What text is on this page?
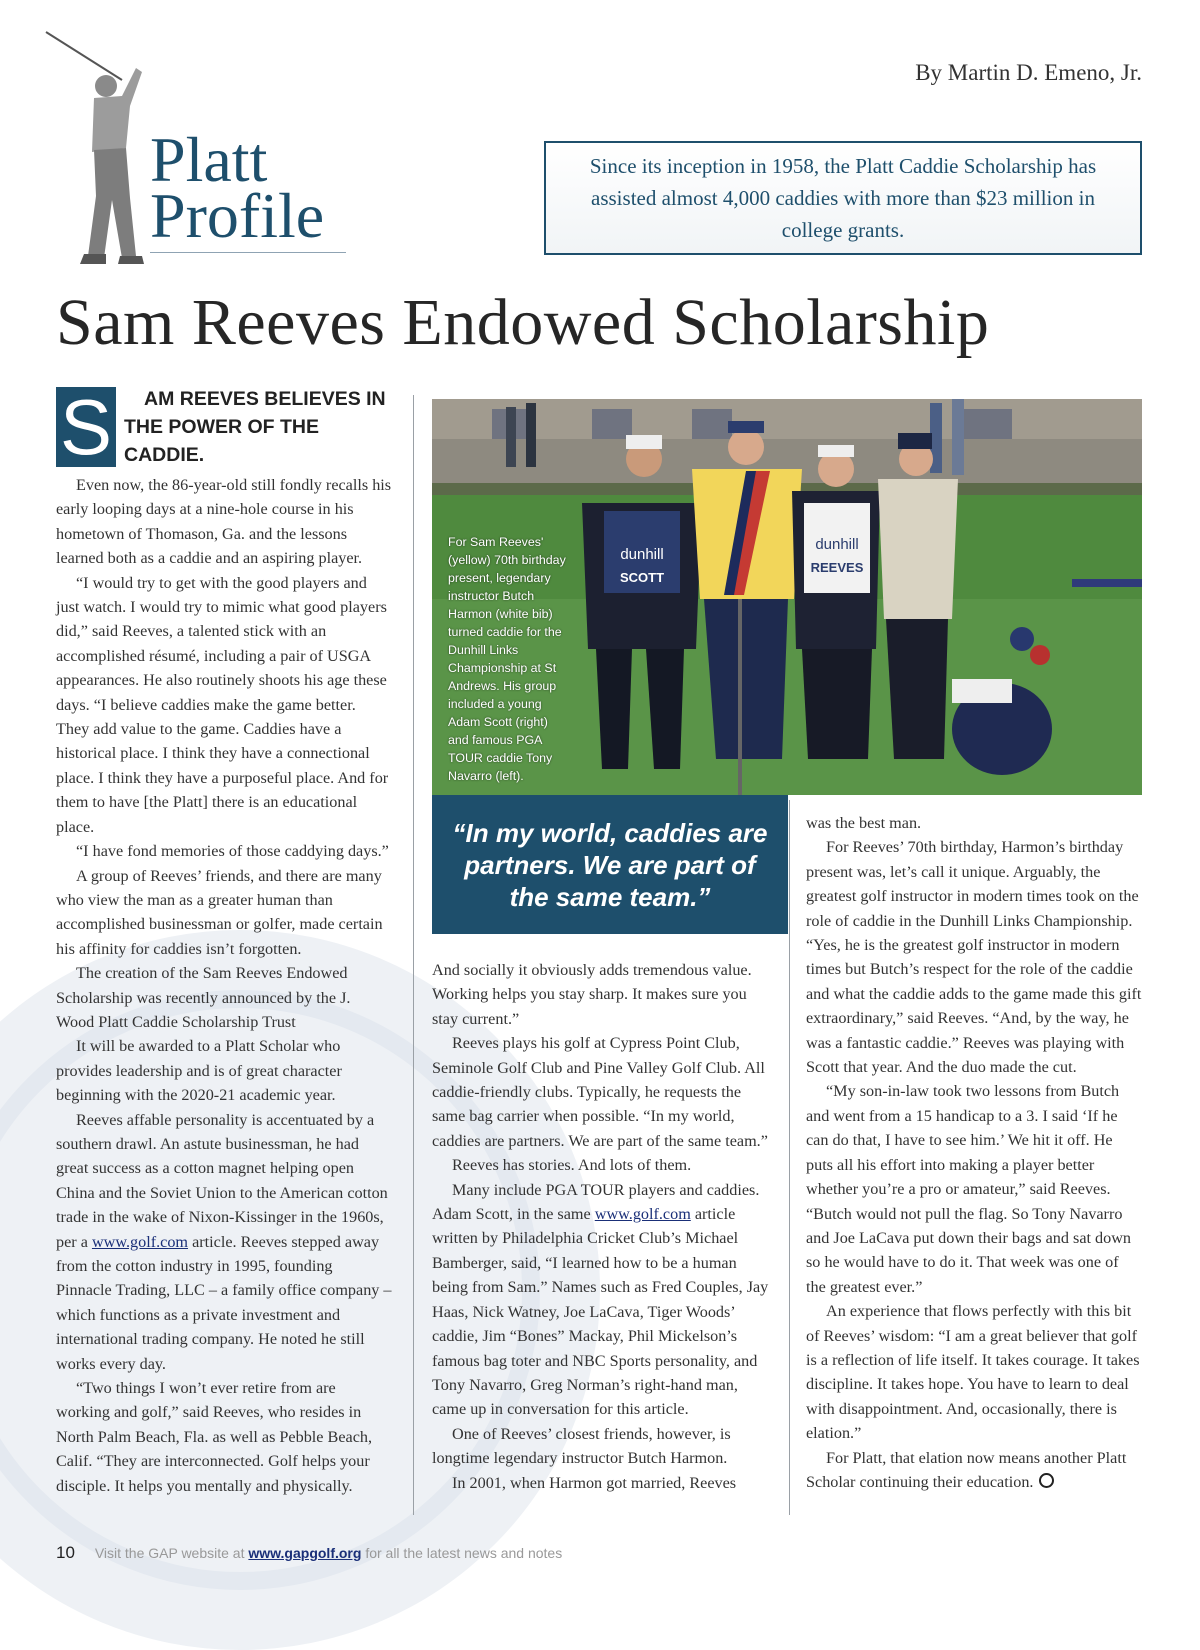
Platt
Profile
By Martin D. Emeno, Jr.
Since its inception in 1958, the Platt Caddie Scholarship has assisted almost 4,000 caddies with more than $23 million in college grants.
Sam Reeves Endowed Scholarship
S	AM REEVES BELIEVES IN THE POWER OF THE CADDIE.

Even now, the 86-year-old still fondly recalls his early looping days at a nine-hole course in his hometown of Thomason, Ga. and the lessons learned both as a caddie and an aspiring player.

“I would try to get with the good players and just watch. I would try to mimic what good players did,” said Reeves, a talented stick with an accomplished résumé, including a pair of USGA appearances. He also routinely shoots his age these days. “I believe caddies make the game better. They add value to the game. Caddies have a historical place. I think they have a connectional place. I think they have a purposeful place. And for them to have [the Platt] there is an educational place.

“I have fond memories of those caddying days.”

A group of Reeves’ friends, and there are many who view the man as a greater human than accomplished businessman or golfer, made certain his affinity for caddies isn’t forgotten.

The creation of the Sam Reeves Endowed Scholarship was recently announced by the J. Wood Platt Caddie Scholarship Trust

It will be awarded to a Platt Scholar who provides leadership and is of great character beginning with the 2020-21 academic year.

Reeves affable personality is accentuated by a southern drawl. An astute businessman, he had great success as a cotton magnet helping open China and the Soviet Union to the American cotton trade in the wake of Nixon-Kissinger in the 1960s, per a www.golf.com article. Reeves stepped away from the cotton industry in 1995, founding Pinnacle Trading, LLC – a family office company – which functions as a private investment and international trading company. He noted he still works every day.

“Two things I won’t ever retire from are working and golf,” said Reeves, who resides in North Palm Beach, Fla. as well as Pebble Beach, Calif. “They are interconnected. Golf helps your disciple. It helps you mentally and physically.

dunhill
SCOTT
dunhill
REEVES

For Sam Reeves' (yellow) 70th birthday present, legendary instructor Butch Harmon (white bib) turned caddie for the Dunhill Links Championship at St Andrews. His group included a young Adam Scott (right) and famous PGA TOUR caddie Tony Navarro (left).

“In my world, caddies are partners. We are part of the same team.”

And socially it obviously adds tremendous value. Working helps you stay sharp. It makes sure you stay current.”

Reeves plays his golf at Cypress Point Club, Seminole Golf Club and Pine Valley Golf Club. All caddie-friendly clubs. Typically, he requests the same bag carrier when possible. “In my world, caddies are partners. We are part of the same team.”

Reeves has stories. And lots of them.

Many include PGA TOUR players and caddies. Adam Scott, in the same www.golf.com article written by Philadelphia Cricket Club’s Michael Bamberger, said, “I learned how to be a human being from Sam.” Names such as Fred Couples, Jay Haas, Nick Watney, Joe LaCava, Tiger Woods’ caddie, Jim “Bones” Mackay, Phil Mickelson’s famous bag toter and NBC Sports personality, and Tony Navarro, Greg Norman’s right-hand man, came up in conversation for this article.

One of Reeves’ closest friends, however, is longtime legendary instructor Butch Harmon.

In 2001, when Harmon got married, Reeves

was the best man.

For Reeves’ 70th birthday, Harmon’s birthday present was, let’s call it unique. Arguably, the greatest golf instructor in modern times took on the role of caddie in the Dunhill Links Championship. “Yes, he is the greatest golf instructor in modern times but Butch’s respect for the role of the caddie and what the caddie adds to the game made this gift extraordinary,” said Reeves. “And, by the way, he was a fantastic caddie.” Reeves was playing with Scott that year. And the duo made the cut.

“My son-in-law took two lessons from Butch and went from a 15 handicap to a 3. I said ‘If he can do that, I have to see him.’ We hit it off. He puts all his effort into making a player better whether you’re a pro or amateur,” said Reeves. “Butch would not pull the flag. So Tony Navarro and Joe LaCava put down their bags and sat down so he would have to do it. That week was one of the greatest ever.”

An experience that flows perfectly with this bit of Reeves’ wisdom: “I am a great believer that golf is a reflection of life itself. It takes courage. It takes discipline. It takes hope. You have to learn to deal with disappointment. And, occasionally, there is elation.”

For Platt, that elation now means another Platt Scholar continuing their education.

10 Visit the GAP website at www.gapgolf.org for all the latest news and notes
